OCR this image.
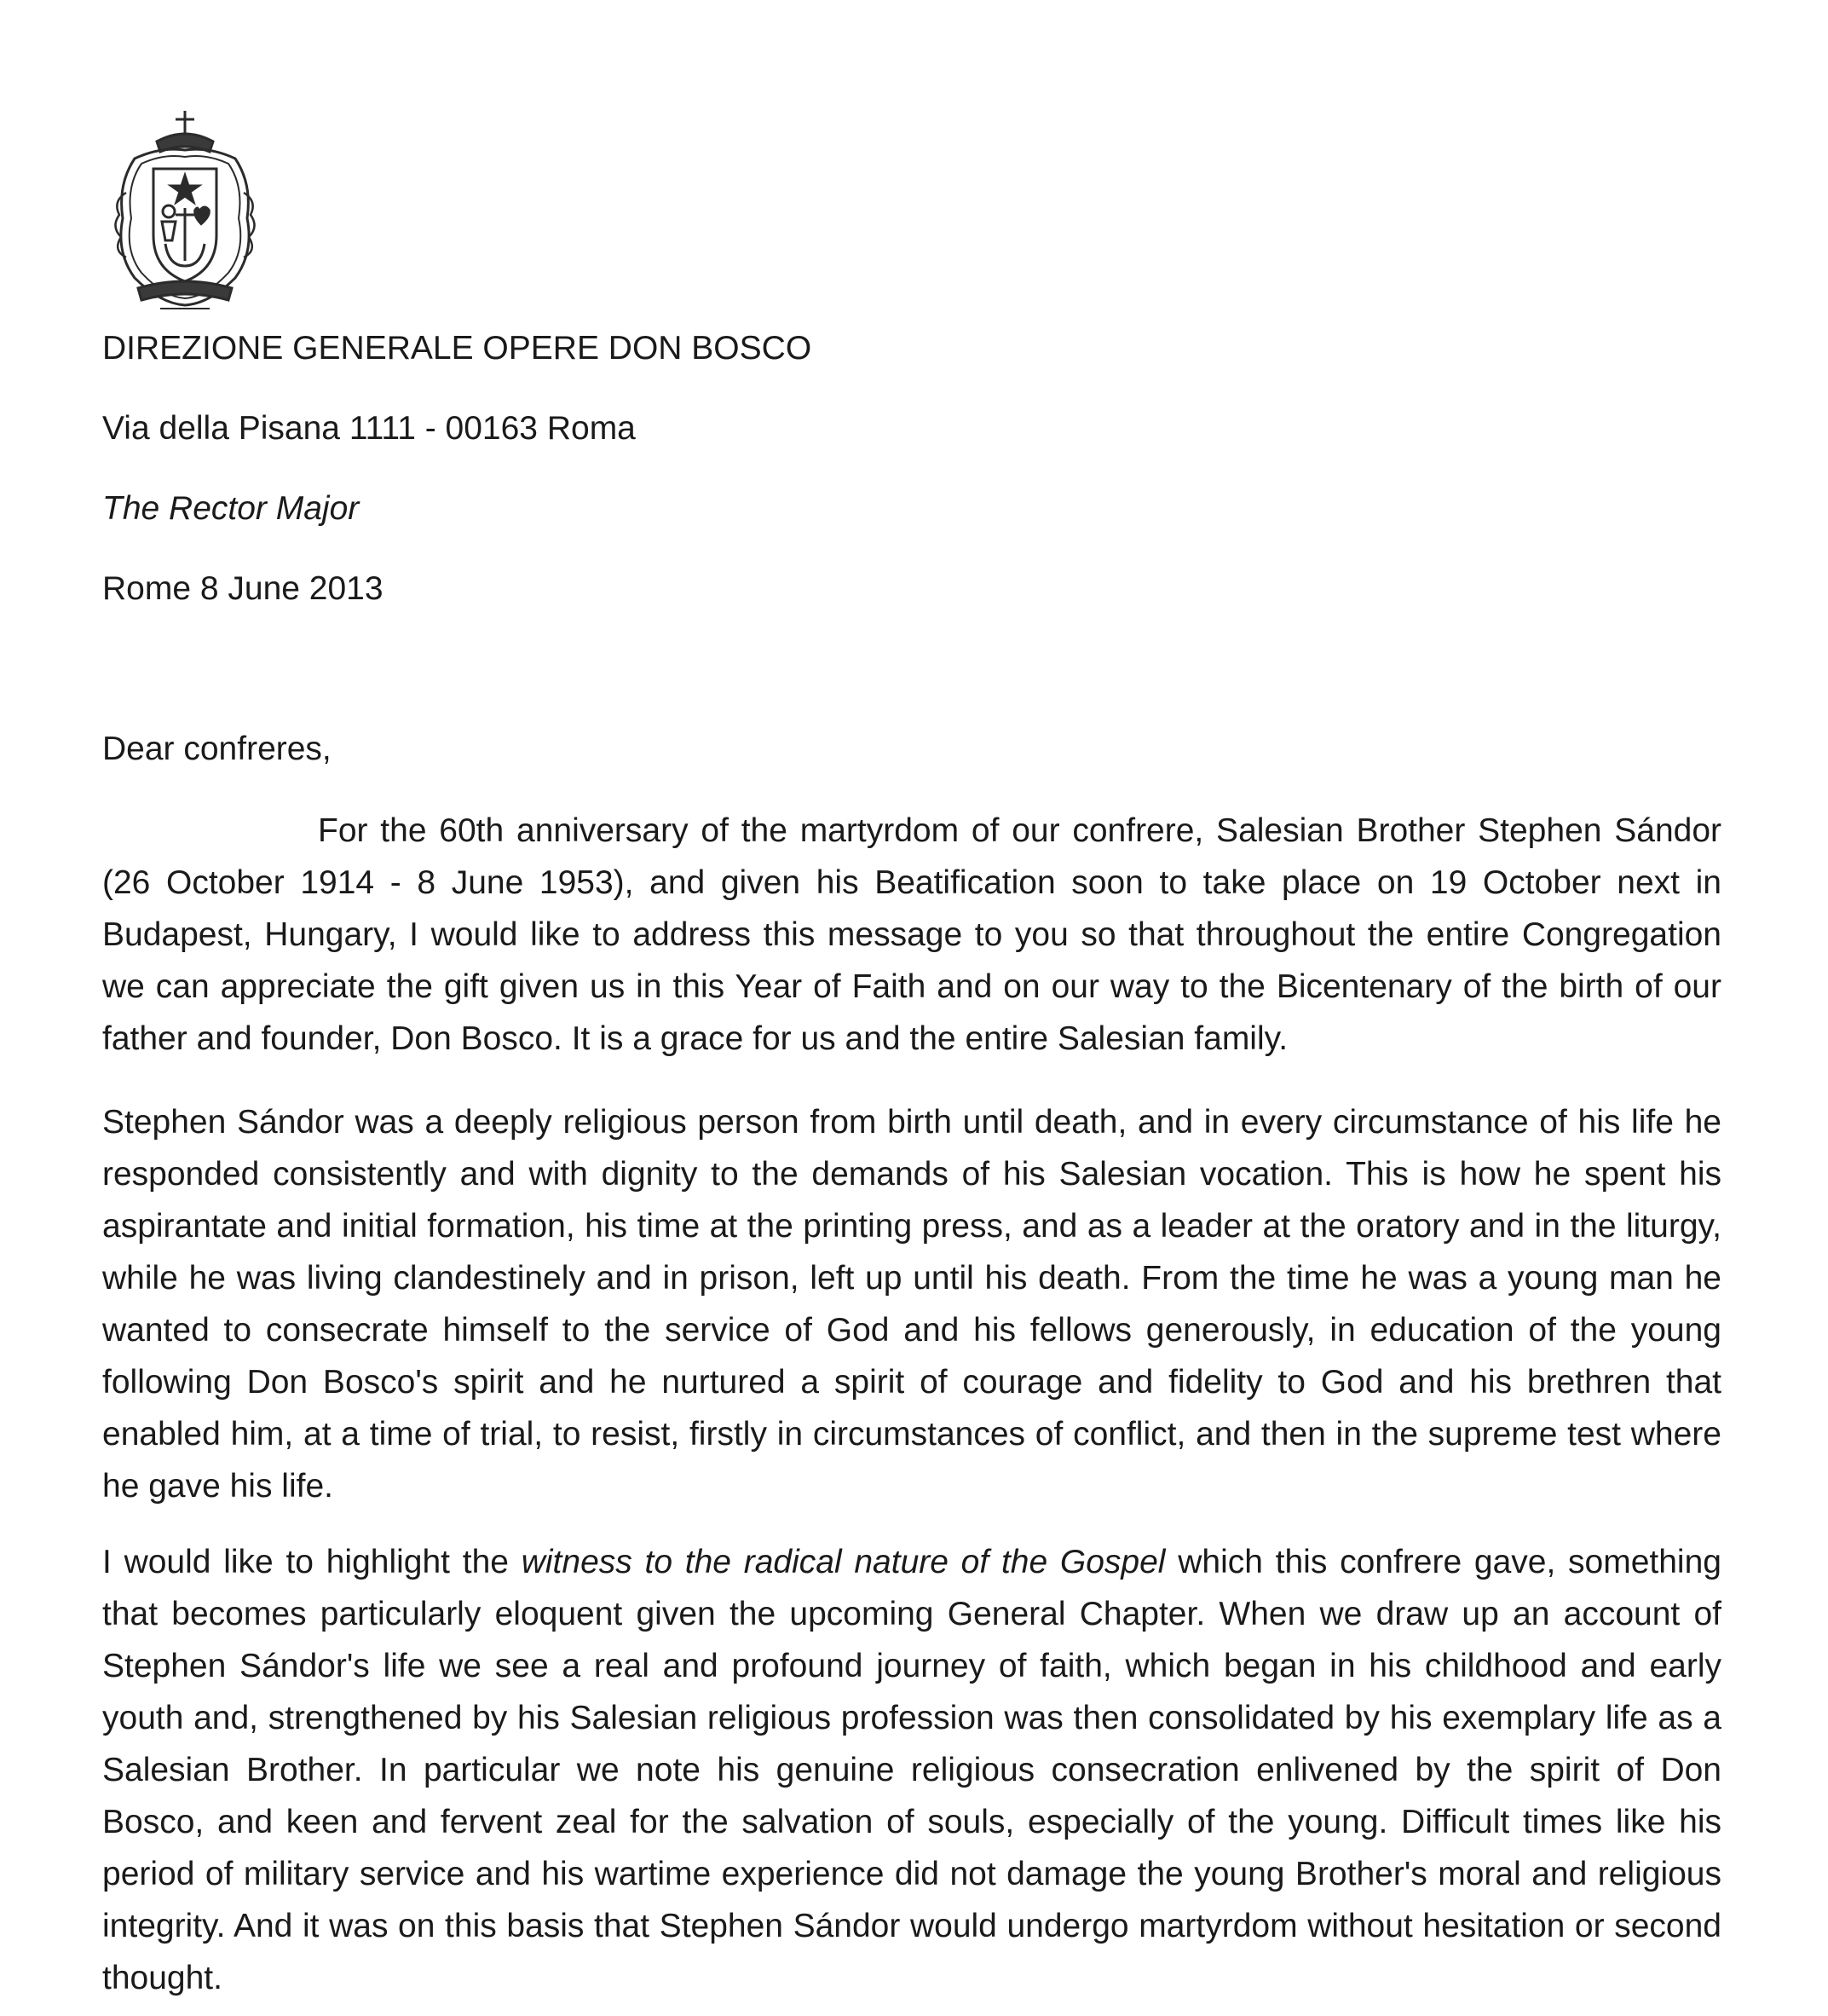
DIREZIONE GENERALE OPERE DON BOSCO
Via della Pisana 1111 - 00163 Roma
The Rector Major
Rome 8 June 2013
Dear confreres,

For the 60th anniversary of the martyrdom of our confrere, Salesian Brother Stephen Sándor (26 October 1914 - 8 June 1953), and given his Beatification soon to take place on 19 October next in Budapest, Hungary, I would like to address this message to you so that throughout the entire Congregation we can appreciate the gift given us in this Year of Faith and on our way to the Bicentenary of the birth of our father and founder, Don Bosco. It is a grace for us and the entire Salesian family.

Stephen Sándor was a deeply religious person from birth until death, and in every circumstance of his life he responded consistently and with dignity to the demands of his Salesian vocation. This is how he spent his aspirantate and initial formation, his time at the printing press, and as a leader at the oratory and in the liturgy, while he was living clandestinely and in prison, left up until his death. From the time he was a young man he wanted to consecrate himself to the service of God and his fellows generously, in education of the young following Don Bosco's spirit and he nurtured a spirit of courage and fidelity to God and his brethren that enabled him, at a time of trial, to resist, firstly in circumstances of conflict, and then in the supreme test where he gave his life.

I would like to highlight the witness to the radical nature of the Gospel which this confrere gave, something that becomes particularly eloquent given the upcoming General Chapter. When we draw up an account of Stephen Sándor's life we see a real and profound journey of faith, which began in his childhood and early youth and, strengthened by his Salesian religious profession was then consolidated by his exemplary life as a Salesian Brother. In particular we note his genuine religious consecration enlivened by the spirit of Don Bosco, and keen and fervent zeal for the salvation of souls, especially of the young. Difficult times like his period of military service and his wartime experience did not damage the young Brother's moral and religious integrity. And it was on this basis that Stephen Sándor would undergo martyrdom without hesitation or second thought.
